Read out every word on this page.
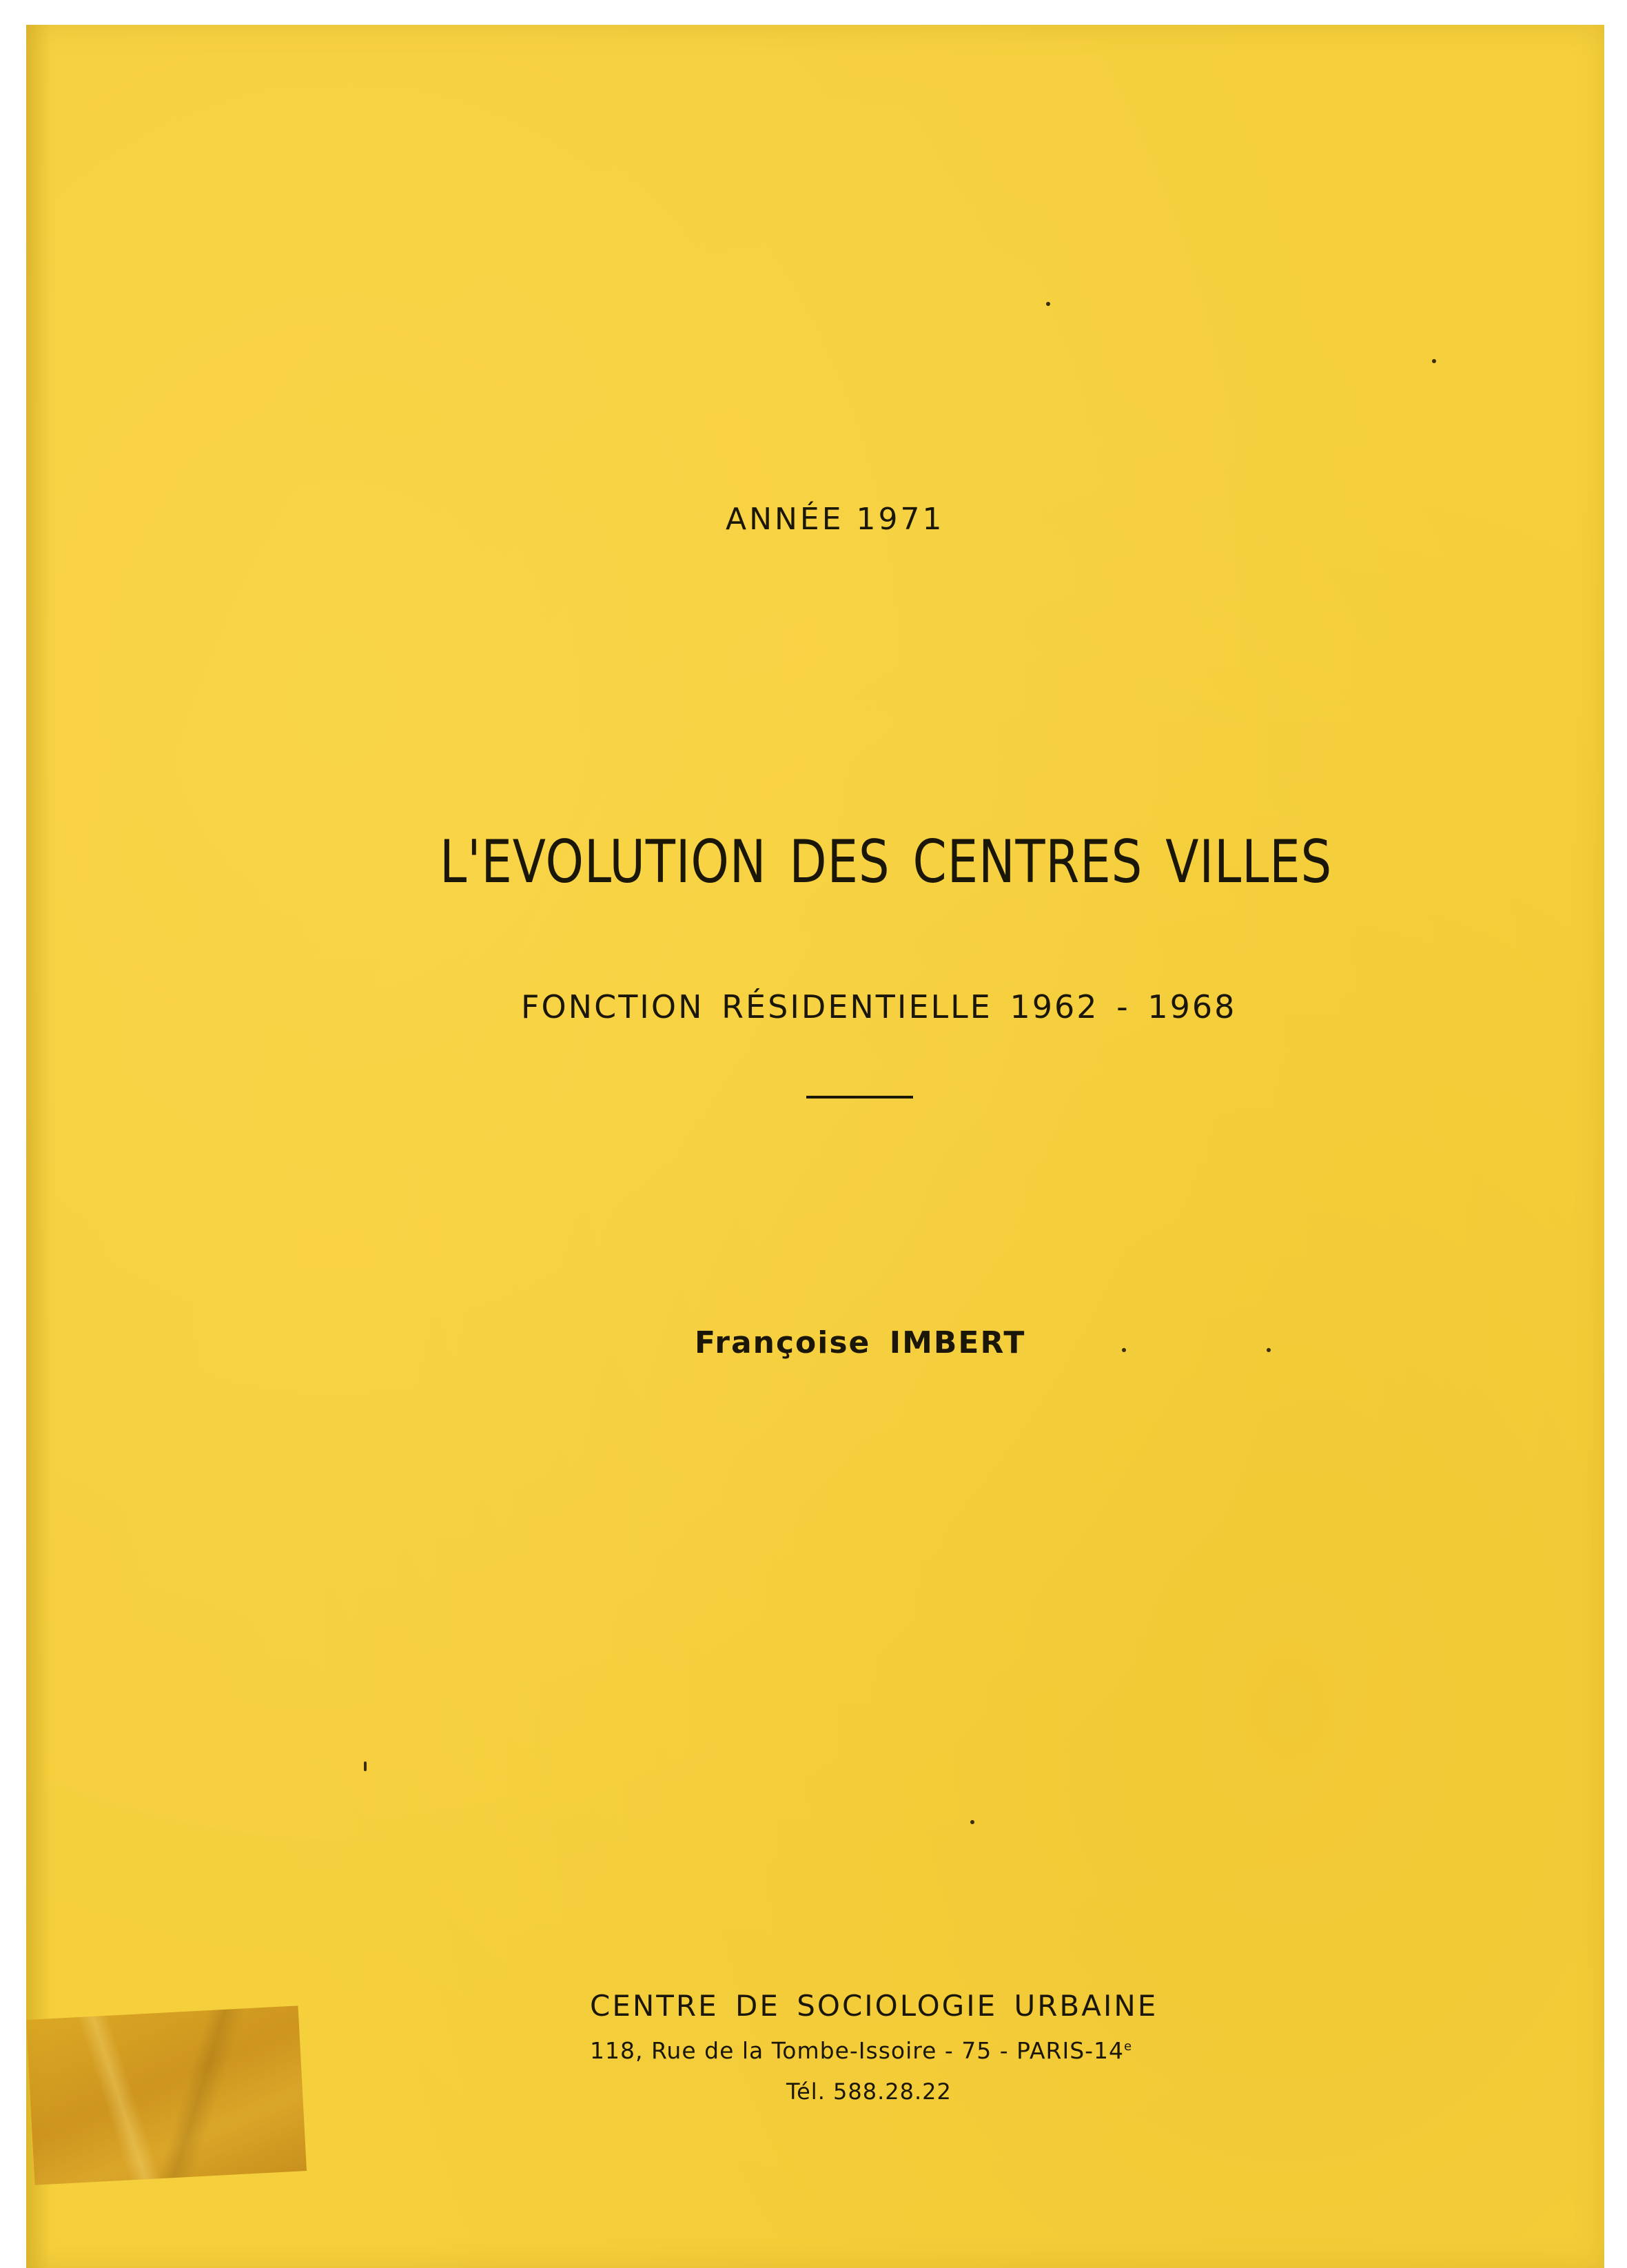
ANNÉE 1971
L'EVOLUTION DES CENTRES VILLES
FONCTION RÉSIDENTIELLE 1962 - 1968
Françoise IMBERT
CENTRE DE SOCIOLOGIE URBAINE
118, Rue de la Tombe-Issoire - 75 - PARIS-14e
Tél. 588.28.22
